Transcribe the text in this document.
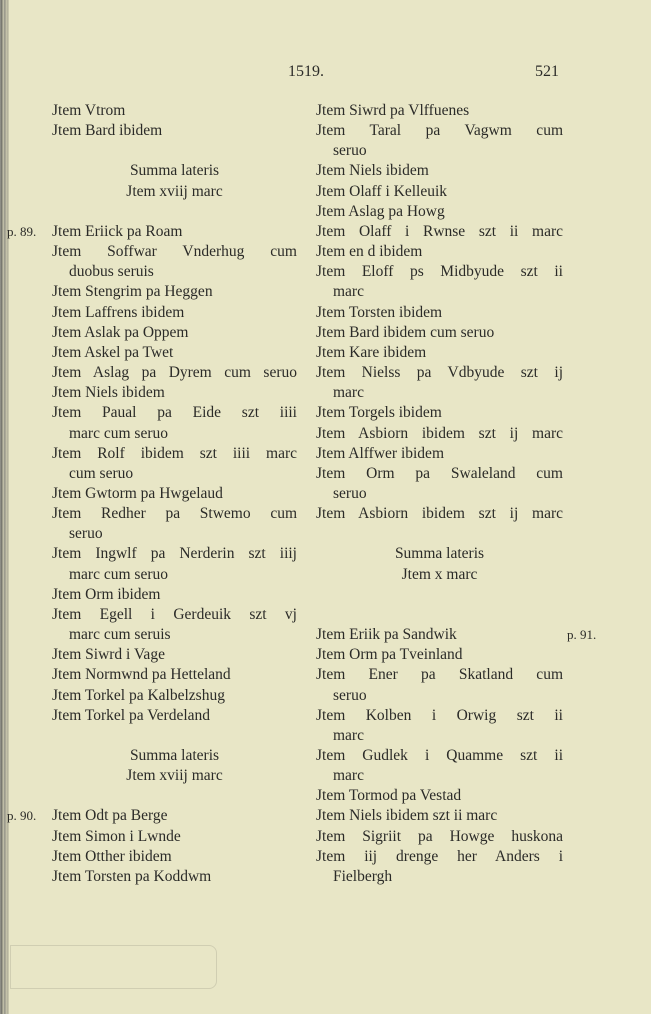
1519.	521
Jtem Vtrom
Jtem Bard ibidem
Summa lateris
Jtem xviij marc
Jtem Eriick pa Roam
p. 89.
Jtem Soffwar Vnderhug cum
duobus seruis
Jtem Stengrim pa Heggen
Jtem Laffrens ibidem
Jtem Aslak pa Oppem
Jtem Askel pa Twet
Jtem Aslag pa Dyrem cum seruo
Jtem Niels ibidem
Jtem Paual pa Eide szt iiii
marc cum seruo
Jtem Rolf ibidem szt iiii marc
cum seruo
Jtem Gwtorm pa Hwgelaud
Jtem Redher pa Stwemo cum
seruo
Jtem Ingwlf pa Nerderin szt iiij
marc cum seruo
Jtem Orm ibidem
Jtem Egell i Gerdeuik szt vj
marc cum seruis
Jtem Siwrd i Vage
Jtem Normwnd pa Hetteland
Jtem Torkel pa Kalbelzshug
Jtem Torkel pa Verdeland
Summa lateris
Jtem xviij marc
Jtem Odt pa Berge
p. 90.
Jtem Simon i Lwnde
Jtem Otther ibidem
Jtem Torsten pa Koddwm
Jtem Siwrd pa Vlffuenes
Jtem Taral pa Vagwm cum
seruo
Jtem Niels ibidem
Jtem Olaff i Kelleuik
Jtem Aslag pa Howg
Jtem Olaff i Rwnse szt ii marc
Jtem en d ibidem
Jtem Eloff ps Midbyude szt ii
marc
Jtem Torsten ibidem
Jtem Bard ibidem cum seruo
Jtem Kare ibidem
Jtem Nielss pa Vdbyude szt ij
marc
Jtem Torgels ibidem
Jtem Asbiorn ibidem szt ij marc
Jtem Alffwer ibidem
Jtem Orm pa Swaleland cum
seruo
Jtem Asbiorn ibidem szt ij marc
Summa lateris
Jtem x marc
Jtem Eriik pa Sandwik	p. 91.
Jtem Orm pa Tveinland
Jtem Ener pa Skatland cum
seruo
Jtem Kolben i Orwig szt ii
marc
Jtem Gudlek i Quamme szt ii
marc
Jtem Tormod pa Vestad
Jtem Niels ibidem szt ii marc
Jtem Sigriit pa Howge huskona
Jtem iij drenge her Anders i
Fielbergh
